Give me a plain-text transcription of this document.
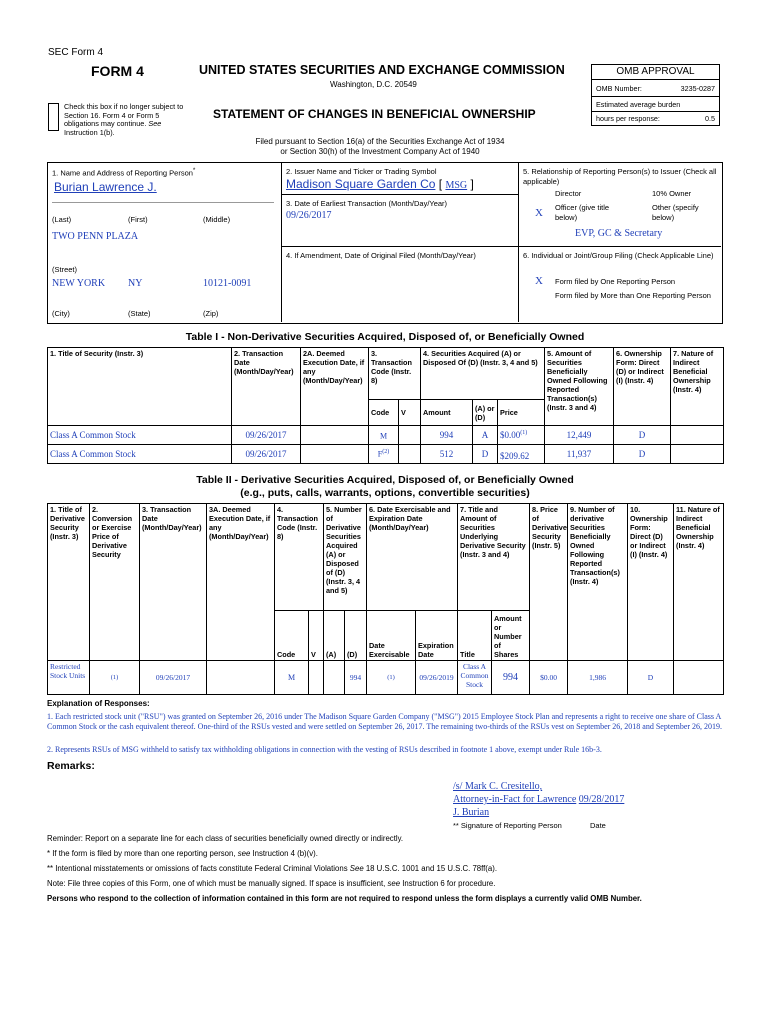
SEC Form 4
FORM 4	UNITED STATES SECURITIES AND EXCHANGE COMMISSION
Washington, D.C. 20549
Check this box if no longer subject to Section 16. Form 4 or Form 5 obligations may continue. See Instruction 1(b).
STATEMENT OF CHANGES IN BENEFICIAL OWNERSHIP
Filed pursuant to Section 16(a) of the Securities Exchange Act of 1934
or Section 30(h) of the Investment Company Act of 1940
OMB APPROVAL
OMB Number:	3235-0287
Estimated average burden
hours per response:	0.5
1. Name and Address of Reporting Person*
Burian Lawrence J.
(Last)	(First)	(Middle)
TWO PENN PLAZA
(Street)
NEW YORK NY	10121-0091
(City)	(State)	(Zip)
2. Issuer Name and Ticker or Trading Symbol
Madison Square Garden Co [ MSG ]
3. Date of Earliest Transaction (Month/Day/Year)
09/26/2017
4. If Amendment, Date of Original Filed (Month/Day/Year)
5. Relationship of Reporting Person(s) to Issuer (Check all applicable)
Director	10% Owner
X Officer (give title below)
Other (specify below)
EVP, GC & Secretary
6. Individual or Joint/Group Filing (Check Applicable Line)
X Form filed by One Reporting Person
Form filed by More than One Reporting Person
Table I - Non-Derivative Securities Acquired, Disposed of, or Beneficially Owned
1. Title of Security (Instr. 3)	2. Transaction Date (Month/Day/Year)	2A. Deemed Execution Date, if any (Month/Day/Year)	3. Transaction Code (Instr. 8)		4. Securities Acquired (A) or Disposed Of (D) (Instr. 3, 4 and 5)			5. Amount of Securities Beneficially Owned Following Reported Transaction(s) (Instr. 3 and 4)	6. Ownership Form: Direct (D) or Indirect (I) (Instr. 4)	7. Nature of Indirect Beneficial Ownership (Instr. 4)
			Code	V	Amount	(A) or (D)	Price			
Class A Common Stock	09/26/2017		M		994	A	$0.00$^{(1)}$	12,449	D	
Class A Common Stock	09/26/2017		$F^{(2)}$		512	D	$209.62	11,937	D	
Table II - Derivative Securities Acquired, Disposed of, or Beneficially Owned
(e.g., puts, calls, warrants, options, convertible securities)
1. Title of Derivative Security (Instr. 3)	2. Conversion or Exercise Price of Derivative Security	3. Transaction Date (Month/Day/Year)	3A. Deemed Execution Date, if any (Month/Day/Year)	4. Transaction Code (Instr. 8)		5. Number of Derivative Securities Acquired (A) or Disposed of (D) (Instr. 3, 4 and 5)		6. Date Exercisable and Expiration Date (Month/Day/Year)		7. Title and Amount of Securities Underlying Derivative Security (Instr. 3 and 4)		8. Price of Derivative Security (Instr. 5)	9. Number of derivative Securities Beneficially Owned Following Reported Transaction(s) (Instr. 4)	10. Ownership Form: Direct (D) or Indirect (I) (Instr. 4)	11. Nature of Indirect Beneficial Ownership (Instr. 4)
				Code	V	(A)	(D)	Date Exercisable	Expiration Date	Title	Amount or Number of Shares				
Restricted Stock Units	(1)	09/26/2017		M			994	(1)	09/26/2019	Class A Common Stock	994	$0.00	1,986	D	
Explanation of Responses:
1. Each restricted stock unit ("RSU") was granted on September 26, 2016 under The Madison Square Garden Company ("MSG") 2015 Employee Stock Plan and represents a right to receive one share of Class A Common Stock or the cash equivalent thereof. One-third of the RSUs vested and were settled on September 26, 2017. The remaining two-thirds of the RSUs vest on September 26, 2018 and September 26, 2019.
2. Represents RSUs of MSG withheld to satisfy tax withholding obligations in connection with the vesting of RSUs described in footnote 1 above, exempt under Rule 16b-3.
Remarks:
/s/ Mark C. Cresitello,
Attorney-in-Fact for Lawrence 09/28/2017
J. Burian
** Signature of Reporting Person	Date
Reminder: Report on a separate line for each class of securities beneficially owned directly or indirectly.
* If the form is filed by more than one reporting person, see Instruction 4 (b)(v).
** Intentional misstatements or omissions of facts constitute Federal Criminal Violations See 18 U.S.C. 1001 and 15 U.S.C. 78ff(a).
Note: File three copies of this Form, one of which must be manually signed. If space is insufficient, see Instruction 6 for procedure.
Persons who respond to the collection of information contained in this form are not required to respond unless the form displays a currently valid OMB Number.
